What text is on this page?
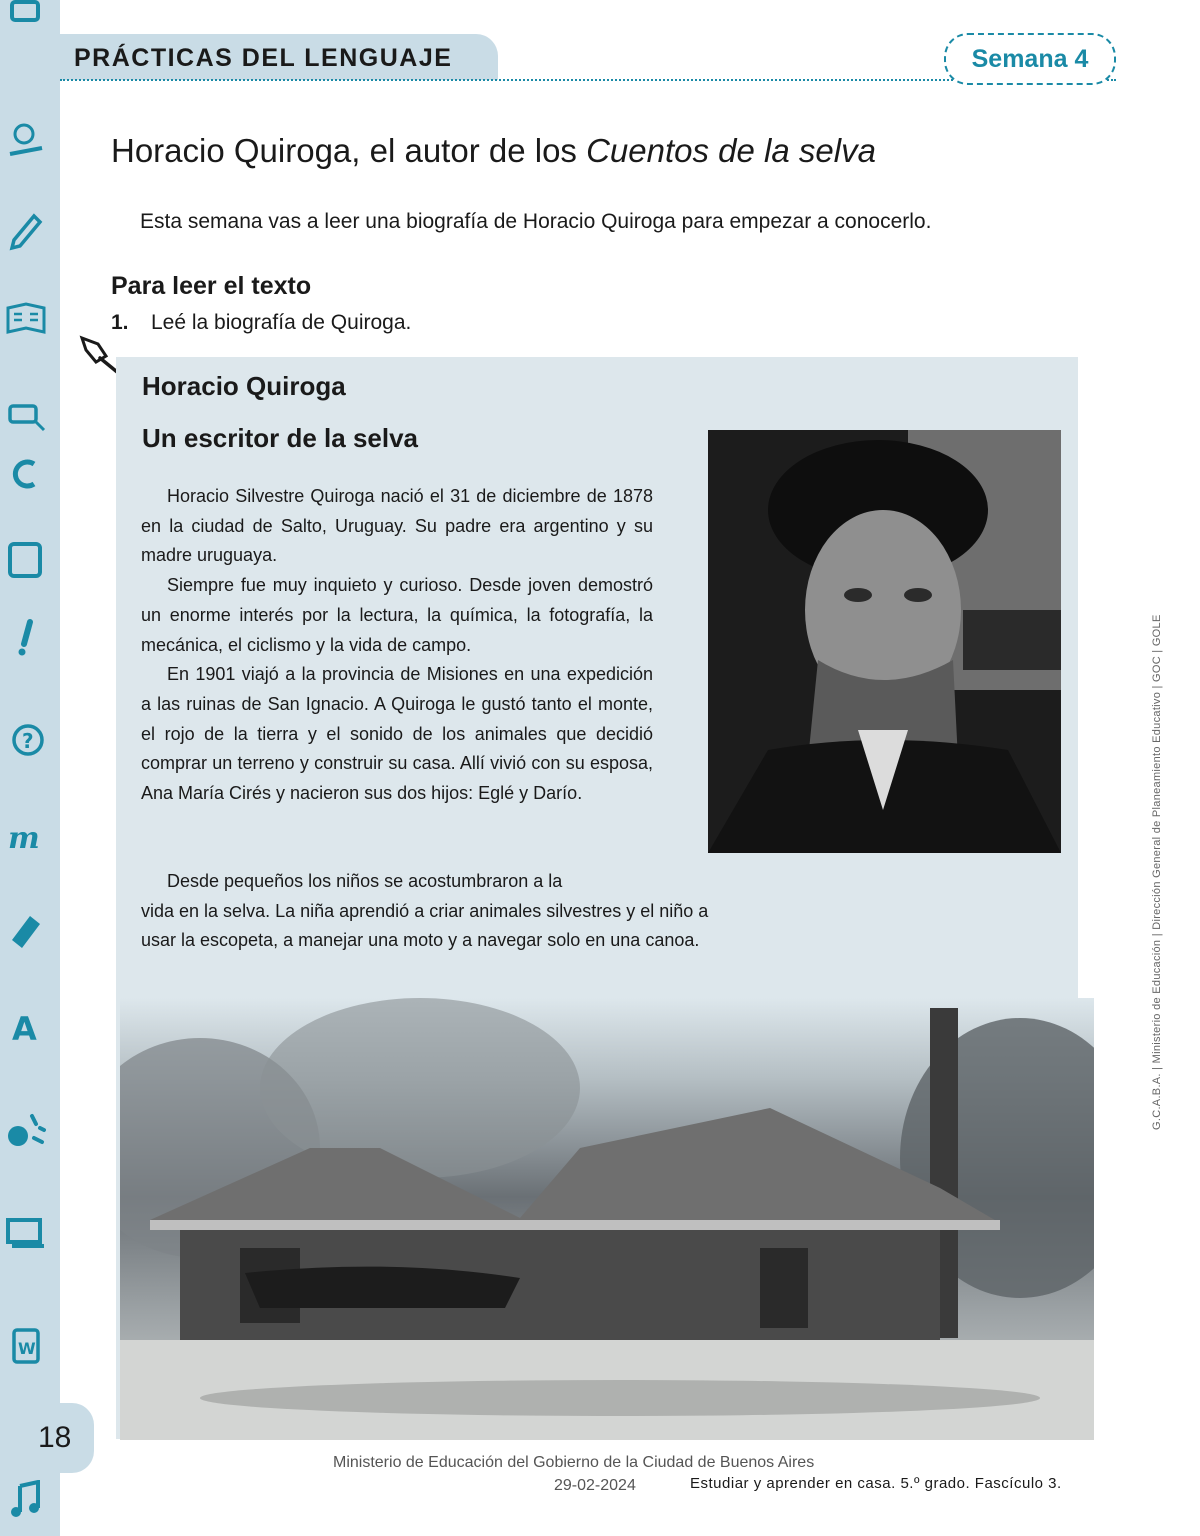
?
m
A
W
18
PRÁCTICAS DEL LENGUAJE	Semana 4
Horacio Quiroga, el autor de los Cuentos de la selva
Esta semana vas a leer una biografía de Horacio Quiroga para empezar a conocerlo.
Para leer el texto
1. Leé la biografía de Quiroga.
Horacio Quiroga
Un escritor de la selva

Horacio Silvestre Quiroga nació el 31 de diciembre de 1878 en la ciudad de Salto, Uruguay. Su padre era argentino y su madre uruguaya.

Siempre fue muy inquieto y curioso. Desde joven demostró un enorme interés por la lectura, la química, la fotografía, la mecánica, el ciclismo y la vida de campo.

En 1901 viajó a la provincia de Misiones en una expedición a las ruinas de San Ignacio. A Quiroga le gustó tanto el monte, el rojo de la tierra y el sonido de los animales que decidió comprar un terreno y construir su casa. Allí vivió con su esposa, Ana María Cirés y nacieron sus dos hijos: Eglé y Darío.

Desde pequeños los niños se acostumbraron a la

vida en la selva. La niña aprendió a criar animales silvestres y el niño a

usar la escopeta, a manejar una moto y a navegar solo en una canoa.

Ministerio de Educación del Gobierno de la Ciudad de Buenos Aires
29-02-2024	Estudiar y aprender en casa. 5.º grado. Fascículo 3.
G.C.A.B.A. | Ministerio de Educación | Dirección General de Planeamiento Educativo | GOC | GOLE
